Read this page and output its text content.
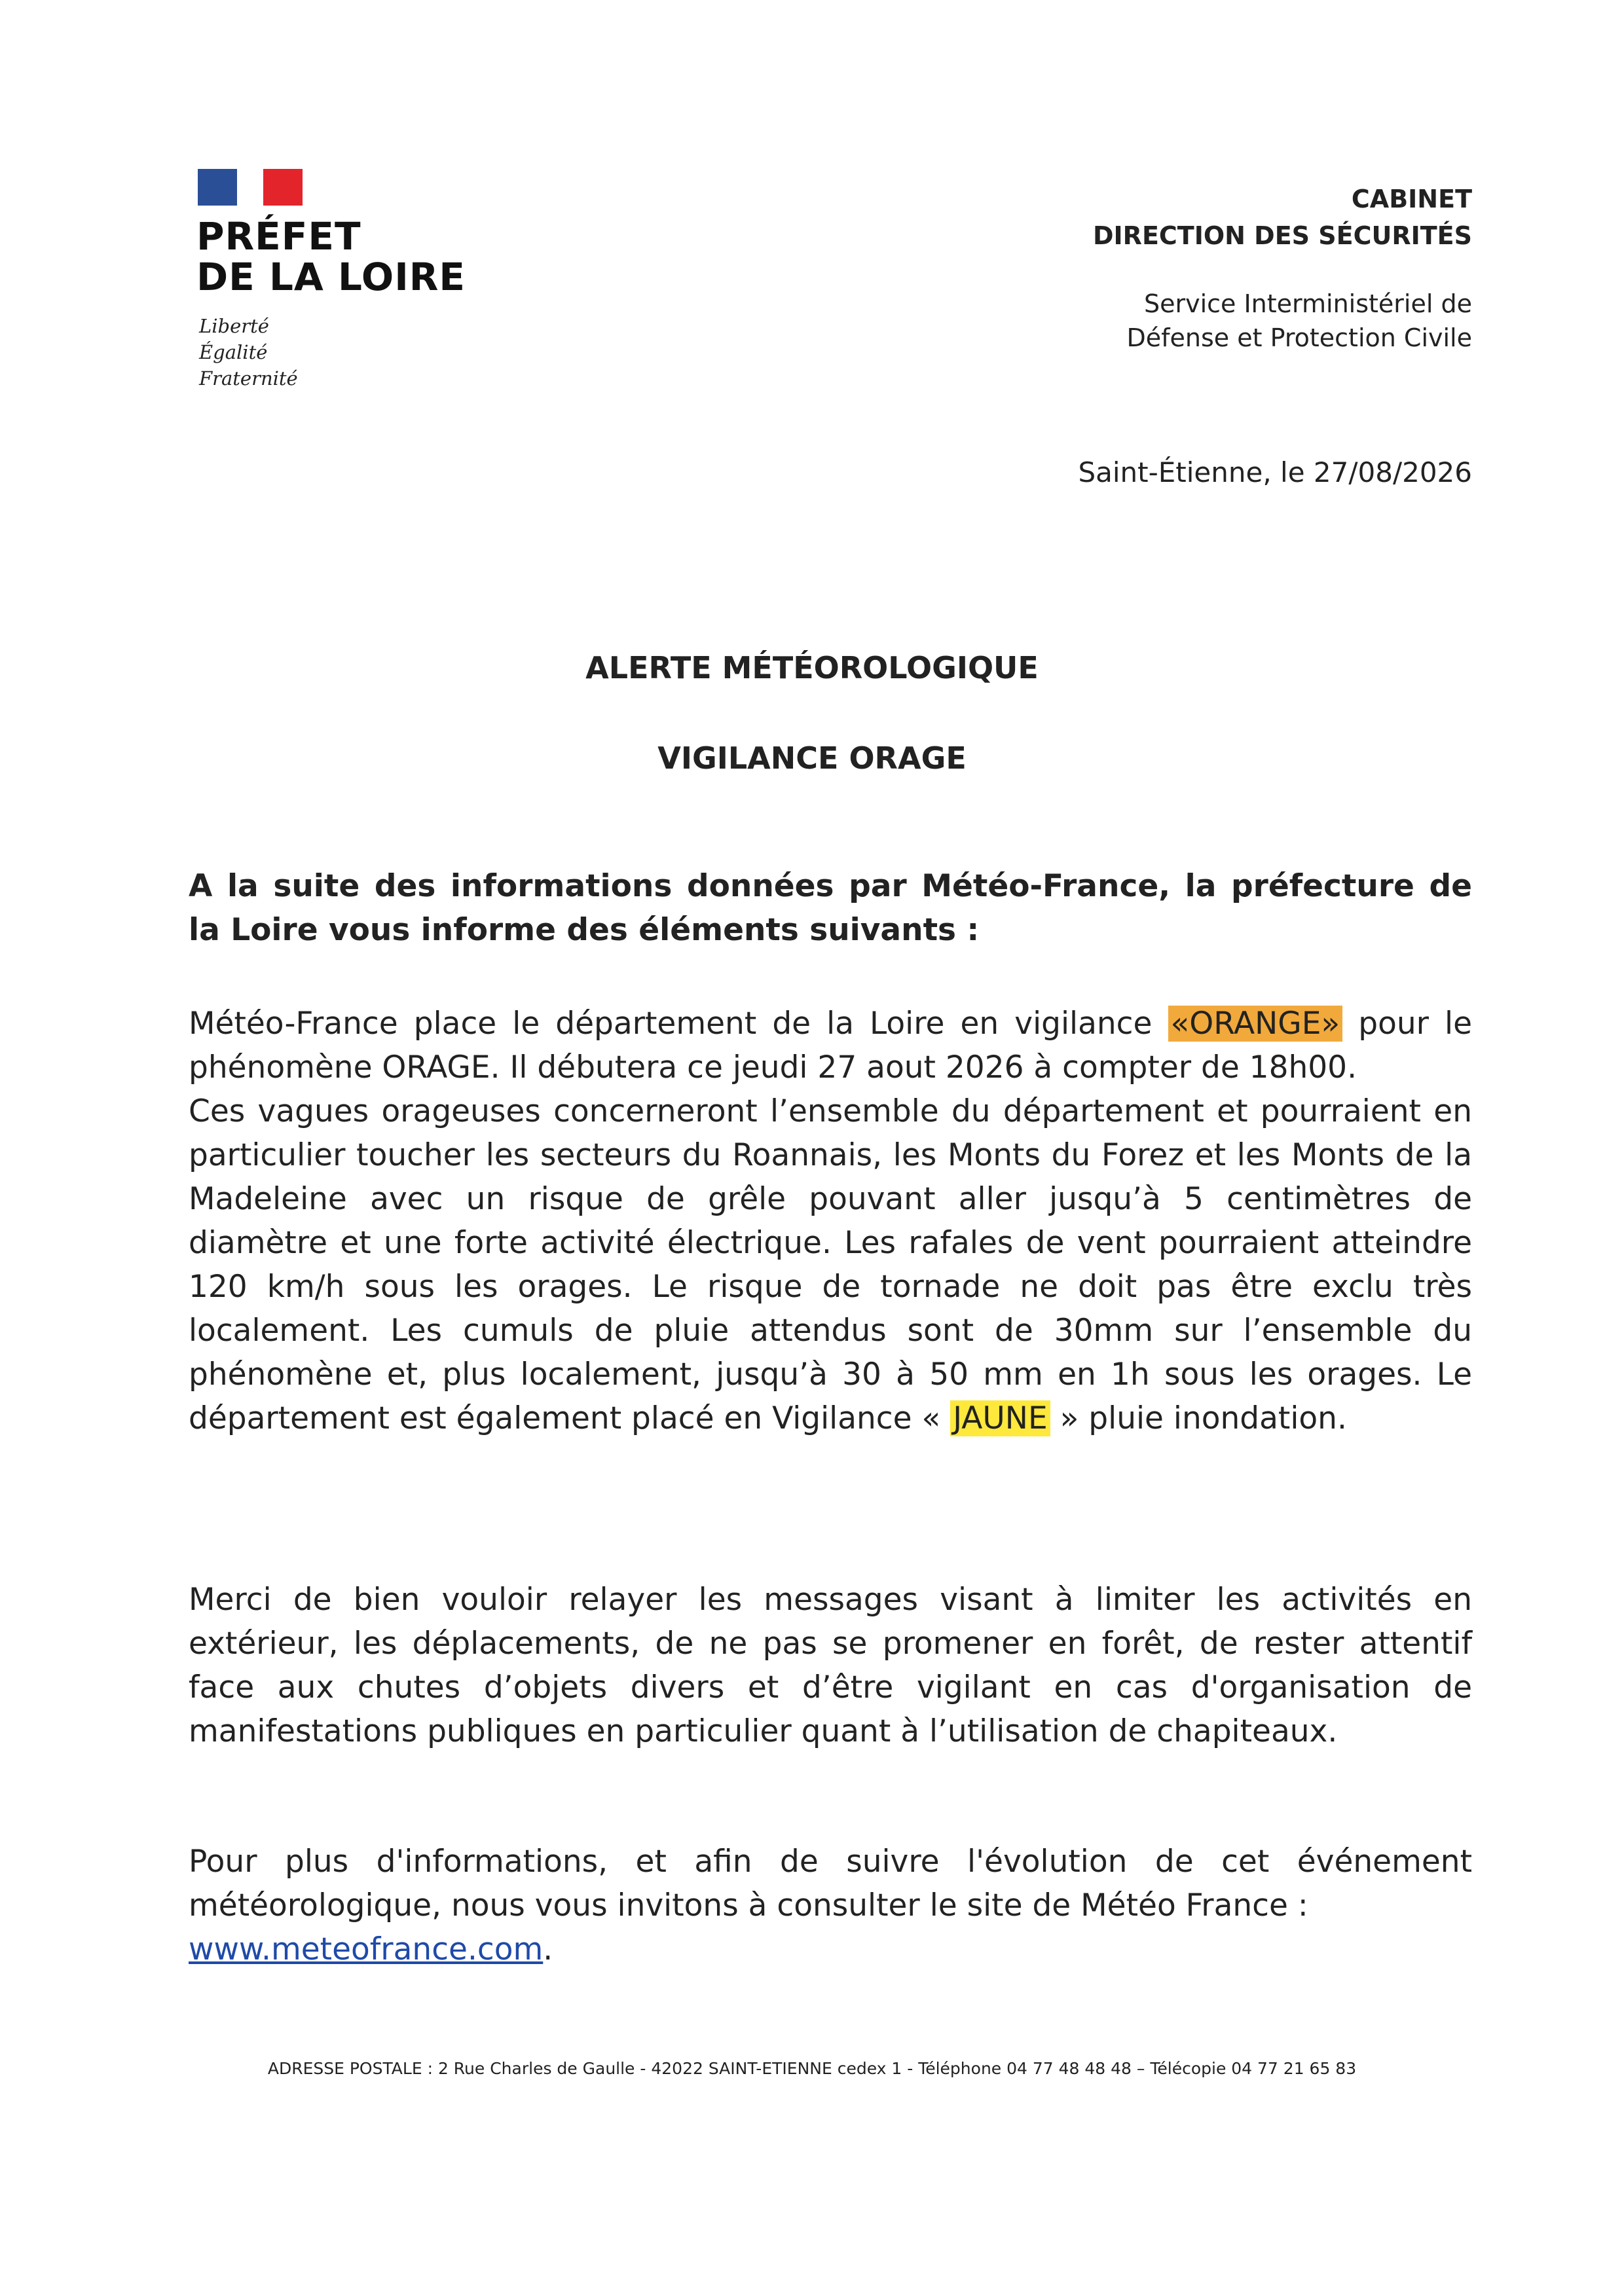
PRÉFET
DE LA LOIRE
Liberté
Égalité
Fraternité
CABINET
DIRECTION DES SÉCURITÉS
Service Interministériel de
Défense et Protection Civile
Saint-Étienne, le 27/08/2026
ALERTE MÉTÉOROLOGIQUE
VIGILANCE ORAGE
A la suite des informations données par Météo-France, la préfecture de la Loire vous informe des éléments suivants :
Météo-France place le département de la Loire en vigilance «ORANGE» pour le phénomène ORAGE. Il débutera ce jeudi 27 aout 2026 à compter de 18h00.
Ces vagues orageuses concerneront l’ensemble du département et pourraient en particulier toucher les secteurs du Roannais, les Monts du Forez et les Monts de la Madeleine avec un risque de grêle pouvant aller jusqu’à 5 centimètres de diamètre et une forte activité électrique. Les rafales de vent pourraient atteindre 120 km/h sous les orages. Le risque de tornade ne doit pas être exclu très localement. Les cumuls de pluie attendus sont de 30mm sur l’ensemble du phénomène et, plus localement, jusqu’à 30 à 50 mm en 1h sous les orages. Le département est également placé en Vigilance « JAUNE » pluie inondation.
Merci de bien vouloir relayer les messages visant à limiter les activités en extérieur, les déplacements, de ne pas se promener en forêt, de rester attentif face aux chutes d’objets divers et d’être vigilant en cas d'organisation de manifestations publiques en particulier quant à l’utilisation de chapiteaux.
Pour plus d'informations, et afin de suivre l'évolution de cet événement météorologique, nous vous invitons à consulter le site de Météo France :
www.meteofrance.com.
ADRESSE POSTALE : 2 Rue Charles de Gaulle - 42022 SAINT-ETIENNE cedex 1 - Téléphone 04 77 48 48 48 – Télécopie 04 77 21 65 83
